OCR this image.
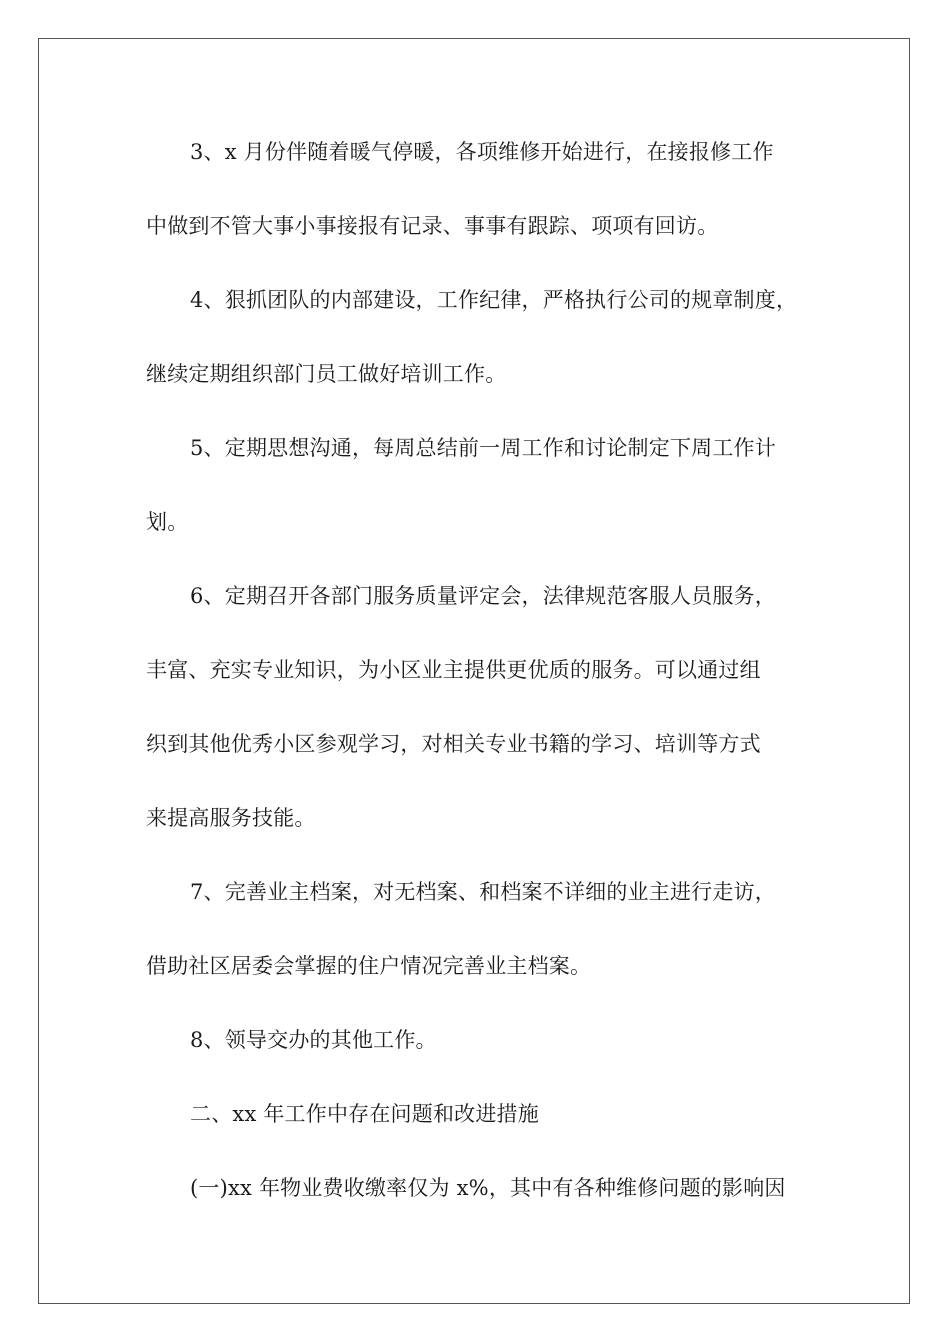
3、x 月份伴随着暖气停暖，各项维修开始进行，在接报修工作
中做到不管大事小事接报有记录、事事有跟踪、项项有回访。
4、狠抓团队的内部建设，工作纪律，严格执行公司的规章制度，
继续定期组织部门员工做好培训工作。
5、定期思想沟通，每周总结前一周工作和讨论制定下周工作计
划。
6、定期召开各部门服务质量评定会，法律规范客服人员服务，
丰富、充实专业知识，为小区业主提供更优质的服务。可以通过组
织到其他优秀小区参观学习，对相关专业书籍的学习、培训等方式
来提高服务技能。
7、完善业主档案，对无档案、和档案不详细的业主进行走访，
借助社区居委会掌握的住户情况完善业主档案。
8、领导交办的其他工作。
二、xx 年工作中存在问题和改进措施
(一)xx 年物业费收缴率仅为 x%，其中有各种维修问题的影响因
